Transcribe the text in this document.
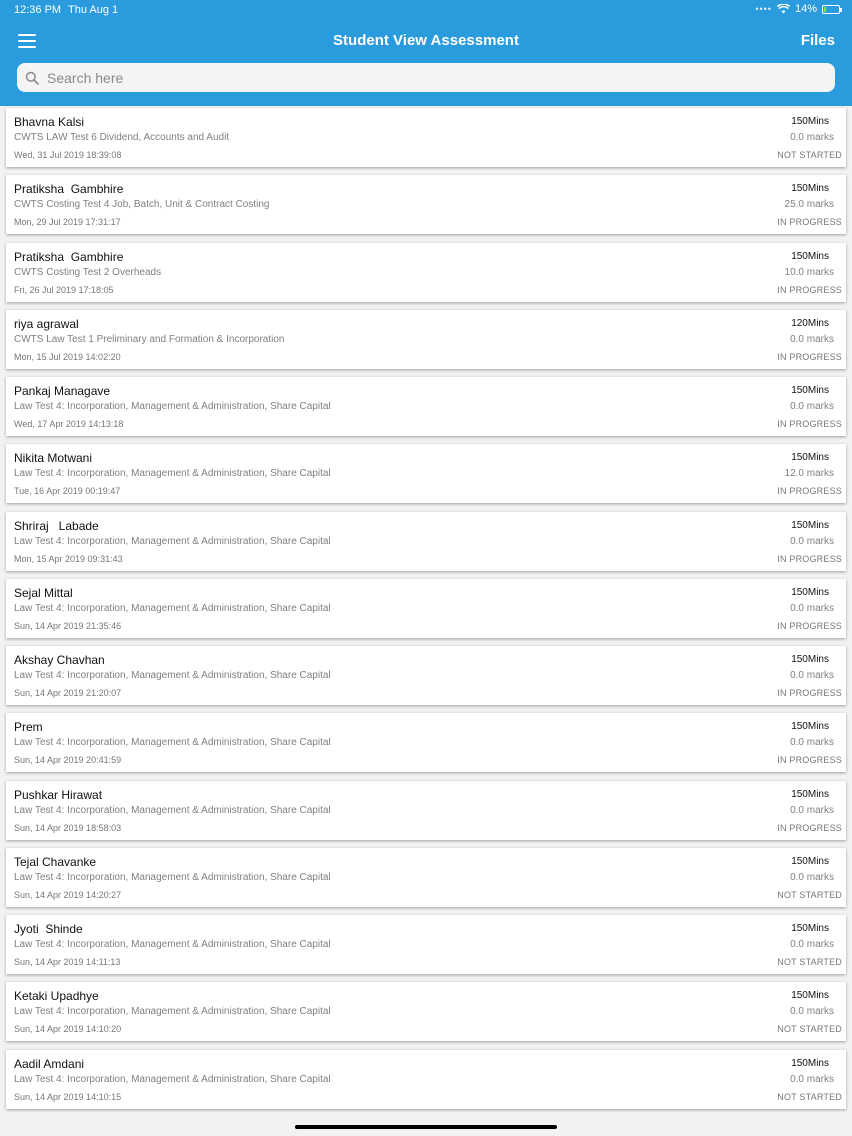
12:36 PM Thu Aug 1	•••• 14%
Student View Assessment	Files
Search here
Bhavna Kalsi
CWTS LAW Test 6 Dividend, Accounts and Audit
Wed, 31 Jul 2019 18:39:08
150Mins
0.0 marks
NOT STARTED
Pratiksha  Gambhire
CWTS Costing Test 4 Job, Batch, Unit & Contract Costing
Mon, 29 Jul 2019 17:31:17
150Mins
25.0 marks
IN PROGRESS
Pratiksha  Gambhire
CWTS Costing Test 2 Overheads
Fri, 26 Jul 2019 17:18:05
150Mins
10.0 marks
IN PROGRESS
riya agrawal
CWTS Law Test 1 Preliminary and Formation & Incorporation
Mon, 15 Jul 2019 14:02:20
120Mins
0.0 marks
IN PROGRESS
Pankaj Managave
Law Test 4: Incorporation, Management & Administration, Share Capital
Wed, 17 Apr 2019 14:13:18
150Mins
0.0 marks
IN PROGRESS
Nikita Motwani
Law Test 4: Incorporation, Management & Administration, Share Capital
Tue, 16 Apr 2019 00:19:47
150Mins
12.0 marks
IN PROGRESS
Shriraj   Labade
Law Test 4: Incorporation, Management & Administration, Share Capital
Mon, 15 Apr 2019 09:31:43
150Mins
0.0 marks
IN PROGRESS
Sejal Mittal
Law Test 4: Incorporation, Management & Administration, Share Capital
Sun, 14 Apr 2019 21:35:46
150Mins
0.0 marks
IN PROGRESS
Akshay Chavhan
Law Test 4: Incorporation, Management & Administration, Share Capital
Sun, 14 Apr 2019 21:20:07
150Mins
0.0 marks
IN PROGRESS
Prem
Law Test 4: Incorporation, Management & Administration, Share Capital
Sun, 14 Apr 2019 20:41:59
150Mins
0.0 marks
IN PROGRESS
Pushkar Hirawat
Law Test 4: Incorporation, Management & Administration, Share Capital
Sun, 14 Apr 2019 18:58:03
150Mins
0.0 marks
IN PROGRESS
Tejal Chavanke
Law Test 4: Incorporation, Management & Administration, Share Capital
Sun, 14 Apr 2019 14:20:27
150Mins
0.0 marks
NOT STARTED
Jyoti  Shinde
Law Test 4: Incorporation, Management & Administration, Share Capital
Sun, 14 Apr 2019 14:11:13
150Mins
0.0 marks
NOT STARTED
Ketaki Upadhye
Law Test 4: Incorporation, Management & Administration, Share Capital
Sun, 14 Apr 2019 14:10:20
150Mins
0.0 marks
NOT STARTED
Aadil Amdani
Law Test 4: Incorporation, Management & Administration, Share Capital
Sun, 14 Apr 2019 14:10:15
150Mins
0.0 marks
NOT STARTED
